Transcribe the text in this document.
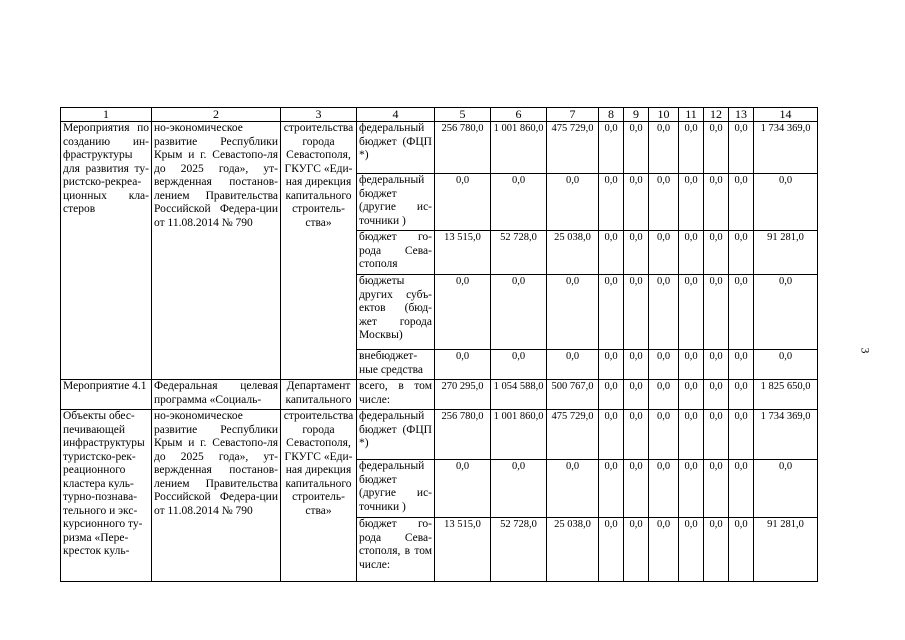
1	2	3	4	5	6	7	8	9	10	11	12	13	14
Мероприятия по созданию ин-фраструктуры для развития ту-ристско-рекреа-ционных кла-стеров	но-экономическое развитие Республики Крым и г. Севастопо-ля до 2025 года», ут-вержденная постанов-лением Правительства Российской Федера-ции от 11.08.2014 № 790	строительства города Севастополя, ГКУГС «Еди-ная дирекция капитального строитель-ства»	федеральный бюджет (ФЦП *)	256 780,0	1 001 860,0	475 729,0	0,0	0,0	0,0	0,0	0,0	0,0	1 734 369,0
			федеральный бюджет (другие ис-точники )	0,0	0,0	0,0	0,0	0,0	0,0	0,0	0,0	0,0	0,0
			бюджет го-рода Сева-стополя	13 515,0	52 728,0	25 038,0	0,0	0,0	0,0	0,0	0,0	0,0	91 281,0
			бюджеты других субъ-ектов (бюд-жет города Москвы)	0,0	0,0	0,0	0,0	0,0	0,0	0,0	0,0	0,0	0,0
			внебюджет-ные средства	0,0	0,0	0,0	0,0	0,0	0,0	0,0	0,0	0,0	0,0
Мероприятие 4.1	Федеральная целевая программа «Социаль-	Департамент капитального	всего, в том числе:	270 295,0	1 054 588,0	500 767,0	0,0	0,0	0,0	0,0	0,0	0,0	1 825 650,0
Объекты обес-печивающей инфраструктуры туристско-рек-реационного кластера куль-турно-познава-тельного и экс-курсионного ту-ризма «Пере-кресток куль-	но-экономическое развитие Республики Крым и г. Севастопо-ля до 2025 года», ут-вержденная постанов-лением Правительства Российской Федера-ции от 11.08.2014 № 790	строительства города Севастополя, ГКУГС «Еди-ная дирекция капитального строитель-ства»	федеральный бюджет (ФЦП *)	256 780,0	1 001 860,0	475 729,0	0,0	0,0	0,0	0,0	0,0	0,0	1 734 369,0
			федеральный бюджет (другие ис-точники )	0,0	0,0	0,0	0,0	0,0	0,0	0,0	0,0	0,0	0,0
			бюджет го-рода Сева-стополя, в том числе:	13 515,0	52 728,0	25 038,0	0,0	0,0	0,0	0,0	0,0	0,0	91 281,0
3
